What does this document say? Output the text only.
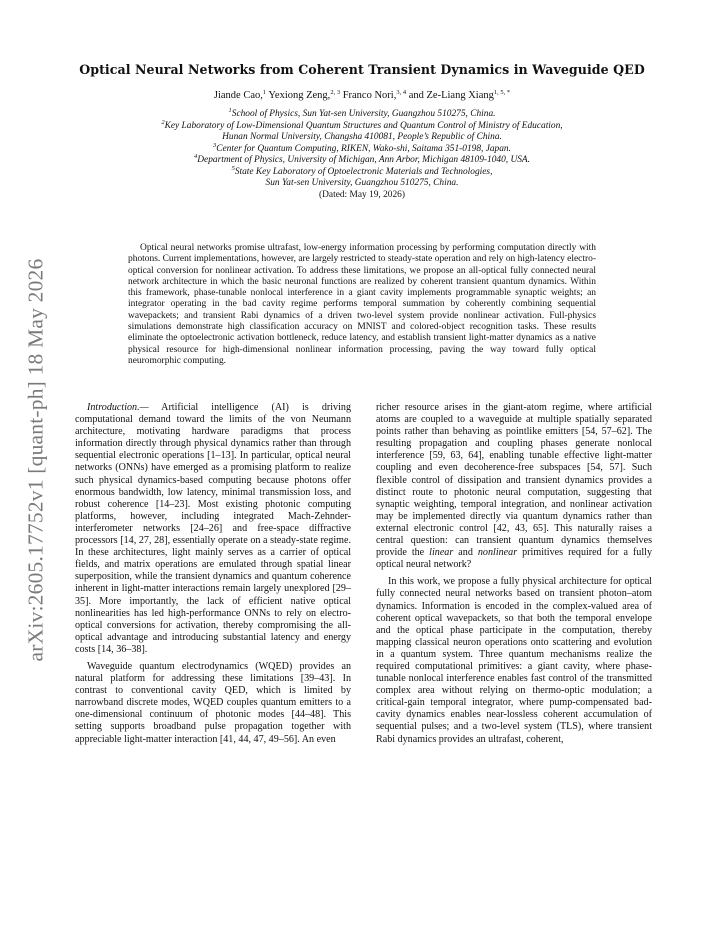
arXiv:2605.17752v1 [quant-ph] 18 May 2026
Optical Neural Networks from Coherent Transient Dynamics in Waveguide QED
Jiande Cao,$^1$ Yexiong Zeng,$^{2, 3}$ Franco Nori,$^{3, 4}$ and Ze-Liang Xiang$^{1, 5, *}$
$^1$School of Physics, Sun Yat-sen University, Guangzhou 510275, China.
$^2$Key Laboratory of Low-Dimensional Quantum Structures and Quantum Control of Ministry of Education,
Hunan Normal University, Changsha 410081, People’s Republic of China.
$^3$Center for Quantum Computing, RIKEN, Wako-shi, Saitama 351-0198, Japan.
$^4$Department of Physics, University of Michigan, Ann Arbor, Michigan 48109-1040, USA.
$^5$State Key Laboratory of Optoelectronic Materials and Technologies,
Sun Yat-sen University, Guangzhou 510275, China.
(Dated: May 19, 2026)

Optical neural networks promise ultrafast, low-energy information processing by performing computation directly with photons. Current implementations, however, are largely restricted to steady-state operation and rely on high-latency electro-optical conversion for nonlinear activation. To address these limitations, we propose an all-optical fully connected neural network architecture in which the basic neuronal functions are realized by coherent transient quantum dynamics. Within this framework, phase-tunable nonlocal interference in a giant cavity implements programmable synaptic weights; an integrator operating in the bad cavity regime performs temporal summation by coherently combining sequential wavepackets; and transient Rabi dynamics of a driven two-level system provide nonlinear activation. Full-physics simulations demonstrate high classification accuracy on MNIST and colored-object recognition tasks. These results eliminate the optoelectronic activation bottleneck, reduce latency, and establish transient light-matter dynamics as a native physical resource for high-dimensional nonlinear information processing, paving the way toward fully optical neuromorphic computing.

Introduction.— Artificial intelligence (AI) is driving computational demand toward the limits of the von Neumann architecture, motivating hardware paradigms that process information directly through physical dynamics rather than through sequential electronic operations [1–13]. In particular, optical neural networks (ONNs) have emerged as a promising platform to realize such physical dynamics-based computing because photons offer enormous bandwidth, low latency, minimal transmission loss, and robust coherence [14–23]. Most existing photonic computing platforms, however, including integrated Mach-Zehnder-interferometer networks [24–26] and free-space diffractive processors [14, 27, 28], essentially operate on a steady-state regime. In these architectures, light mainly serves as a carrier of optical fields, and matrix operations are emulated through spatial linear superposition, while the transient dynamics and quantum coherence inherent in light-matter interactions remain largely unexplored [29–35]. More importantly, the lack of efficient native optical nonlinearities has led high-performance ONNs to rely on electro-optical conversions for activation, thereby compromising the all-optical advantage and introducing substantial latency and energy costs [14, 36–38].

Waveguide quantum electrodynamics (WQED) provides an natural platform for addressing these limitations [39–43]. In contrast to conventional cavity QED, which is limited by narrowband discrete modes, WQED couples quantum emitters to a one-dimensional continuum of photonic modes [44–48]. This setting supports broadband pulse propagation together with appreciable light-matter interaction [41, 44, 47, 49–56]. An even

richer resource arises in the giant-atom regime, where artificial atoms are coupled to a waveguide at multiple spatially separated points rather than behaving as pointlike emitters [54, 57–62]. The resulting propagation and coupling phases generate nonlocal interference [59, 63, 64], enabling tunable effective light-matter coupling and even decoherence-free subspaces [54, 57]. Such flexible control of dissipation and transient dynamics provides a distinct route to photonic neural computation, suggesting that synaptic weighting, temporal integration, and nonlinear activation may be implemented directly via quantum dynamics rather than external electronic control [42, 43, 65]. This naturally raises a central question: can transient quantum dynamics themselves provide the linear and nonlinear primitives required for a fully optical neural network?

In this work, we propose a fully physical architecture for optical fully connected neural networks based on transient photon–atom dynamics. Information is encoded in the complex-valued area of coherent optical wavepackets, so that both the temporal envelope and the optical phase participate in the computation, thereby mapping classical neuron operations onto scattering and evolution in a quantum system. Three quantum mechanisms realize the required computational primitives: a giant cavity, where phase-tunable nonlocal interference enables fast control of the transmitted complex area without relying on thermo-optic modulation; a critical-gain temporal integrator, where pump-compensated bad-cavity dynamics enables near-lossless coherent accumulation of sequential pulses; and a two-level system (TLS), where transient Rabi dynamics provides an ultrafast, coherent,
